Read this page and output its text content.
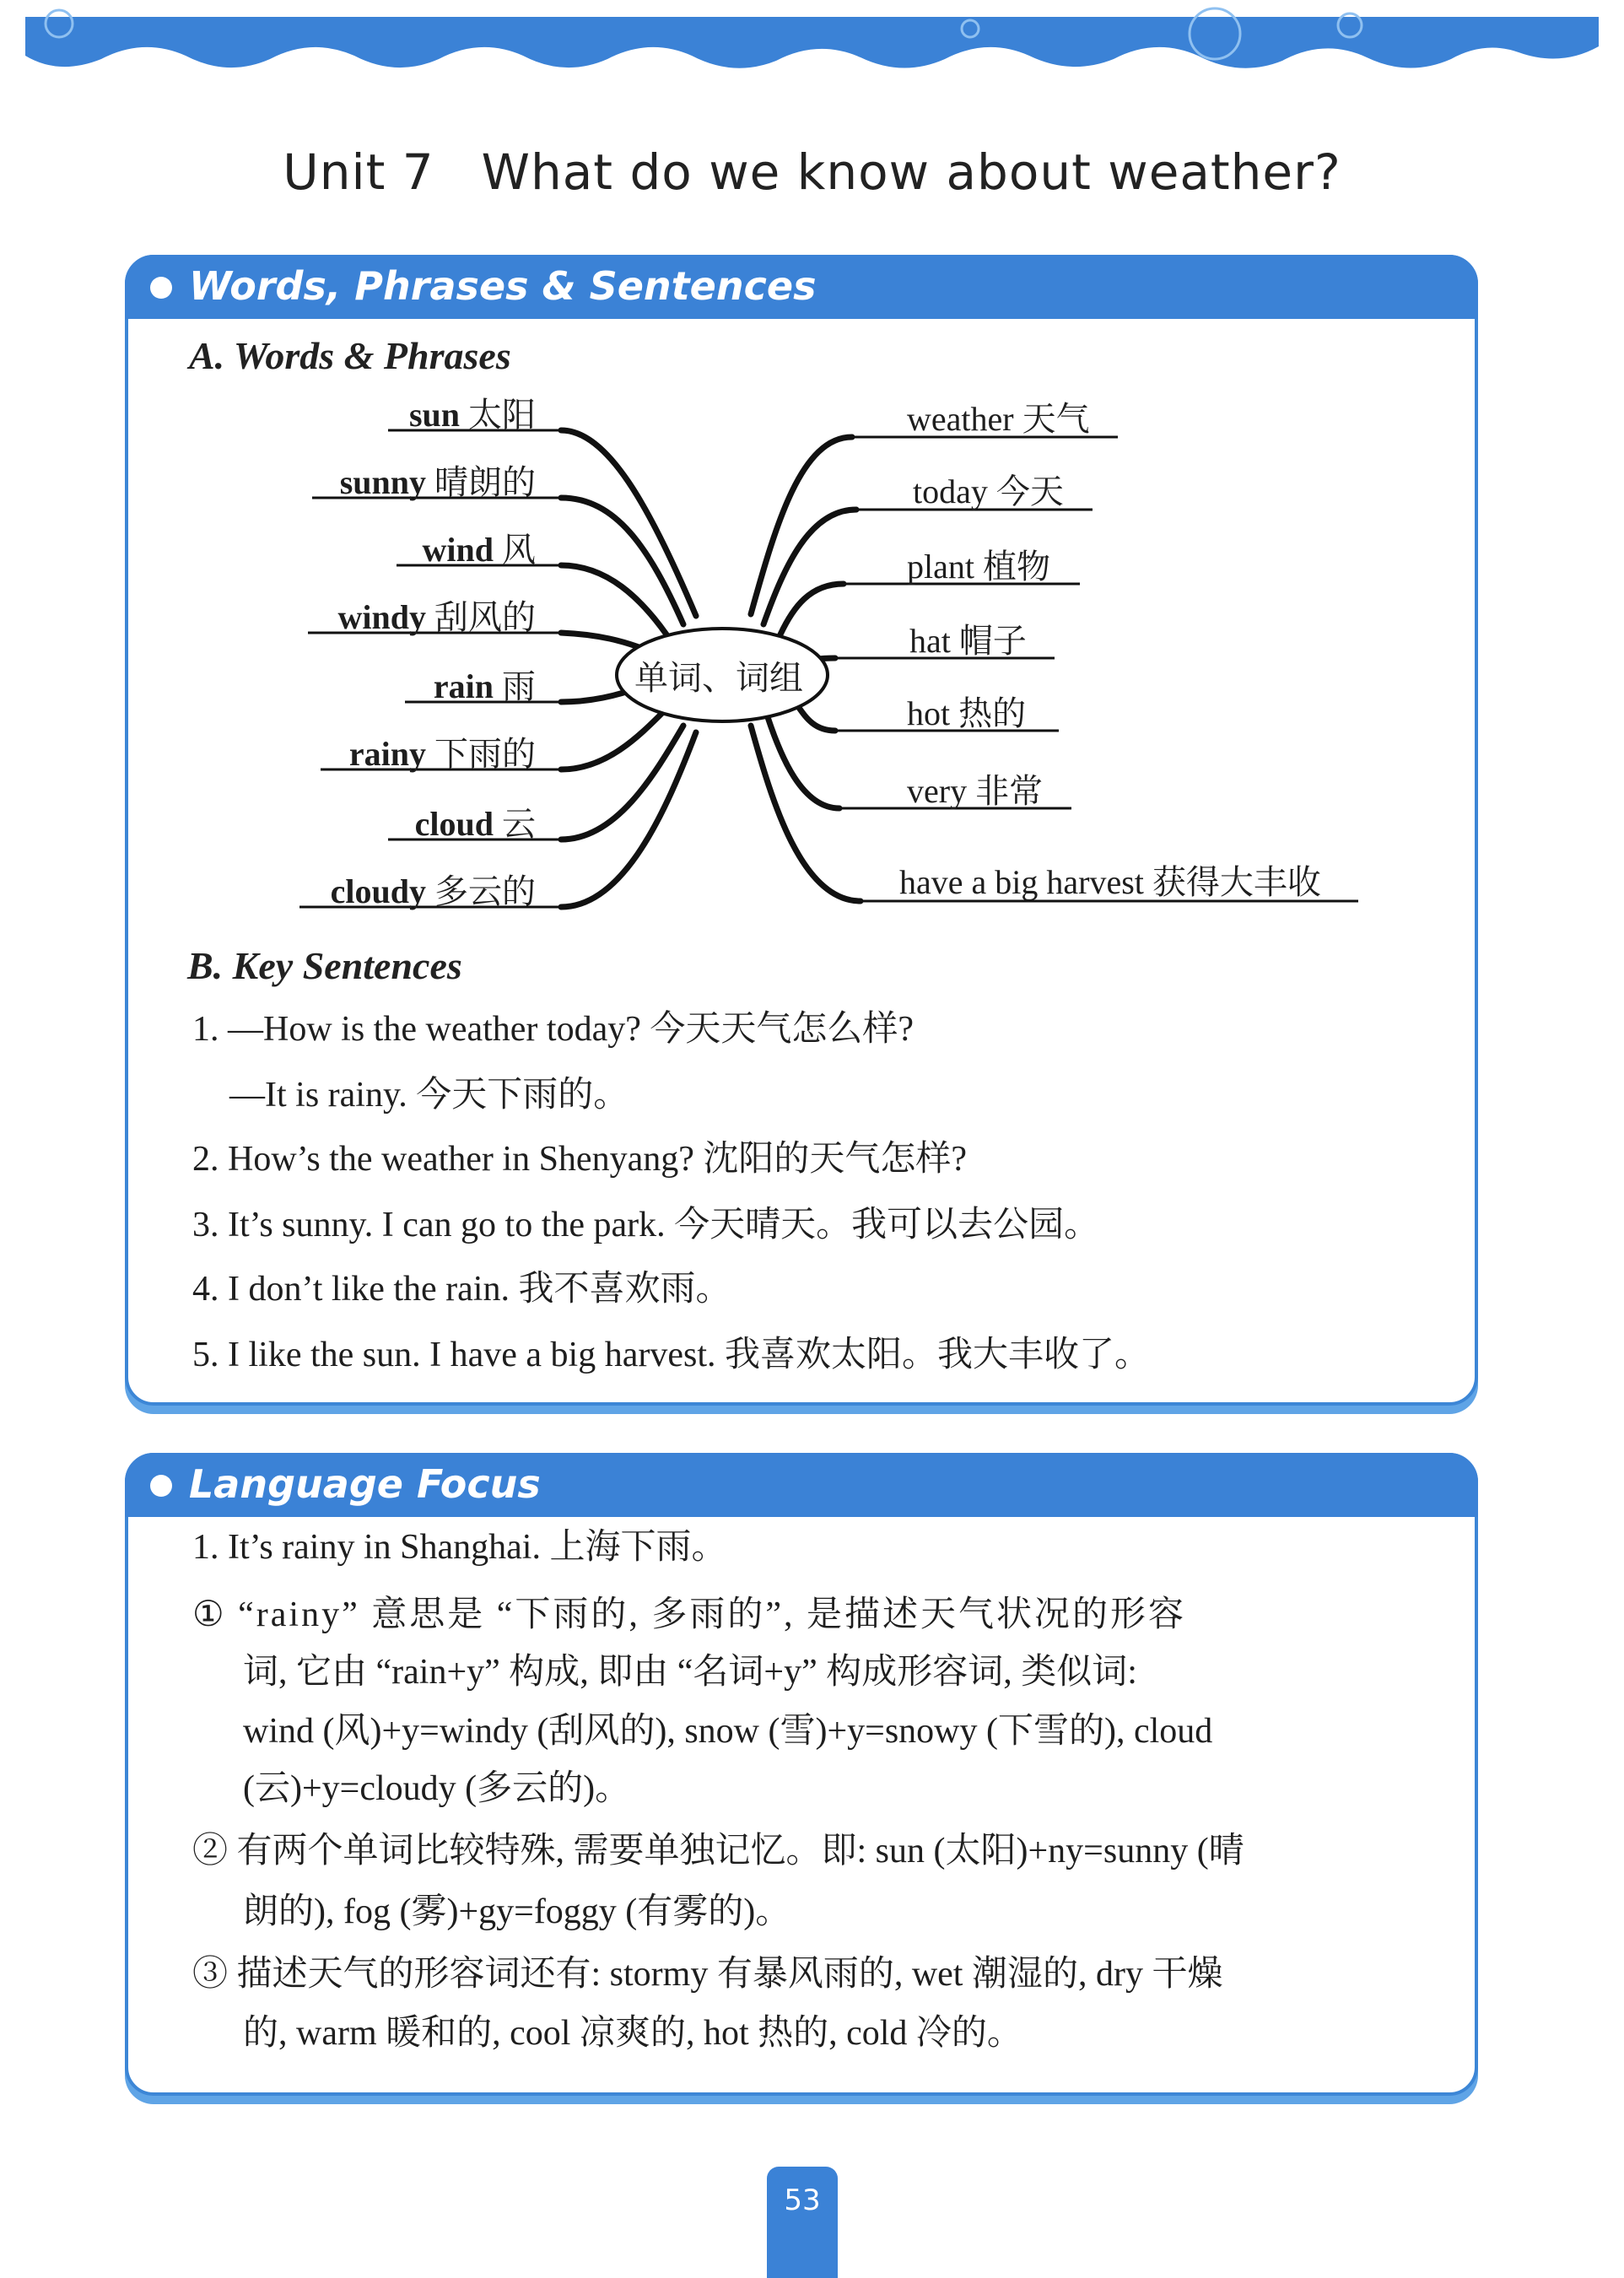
Unit 7 What do we know about weather?
Words, Phrases & Sentences
A. Words & Phrases
单词、词组
sun 太阳
sunny 晴朗的
wind 风
windy 刮风的
rain 雨
rainy 下雨的
cloud 云
cloudy 多云的
weather 天气
today 今天
plant 植物
hat 帽子
hot 热的
very 非常
have a big harvest 获得大丰收
B. Key Sentences
1. —How is the weather today? 今天天气怎么样?
—It is rainy. 今天下雨的。
2. How’s the weather in Shenyang? 沈阳的天气怎样?
3. It’s sunny. I can go to the park. 今天晴天。我可以去公园。
4. I don’t like the rain. 我不喜欢雨。
5. I like the sun. I have a big harvest. 我喜欢太阳。我大丰收了。
Language Focus
1. It’s rainy in Shanghai. 上海下雨。
① “rainy” 意思是 “下雨的, 多雨的”, 是描述天气状况的形容
词, 它由 “rain+y” 构成, 即由 “名词+y” 构成形容词, 类似词:
wind (风)+y=windy (刮风的), snow (雪)+y=snowy (下雪的), cloud
(云)+y=cloudy (多云的)。
② 有两个单词比较特殊, 需要单独记忆。即: sun (太阳)+ny=sunny (晴
朗的), fog (雾)+gy=foggy (有雾的)。
③ 描述天气的形容词还有: stormy 有暴风雨的, wet 潮湿的, dry 干燥
的, warm 暖和的, cool 凉爽的, hot 热的, cold 冷的。
53
